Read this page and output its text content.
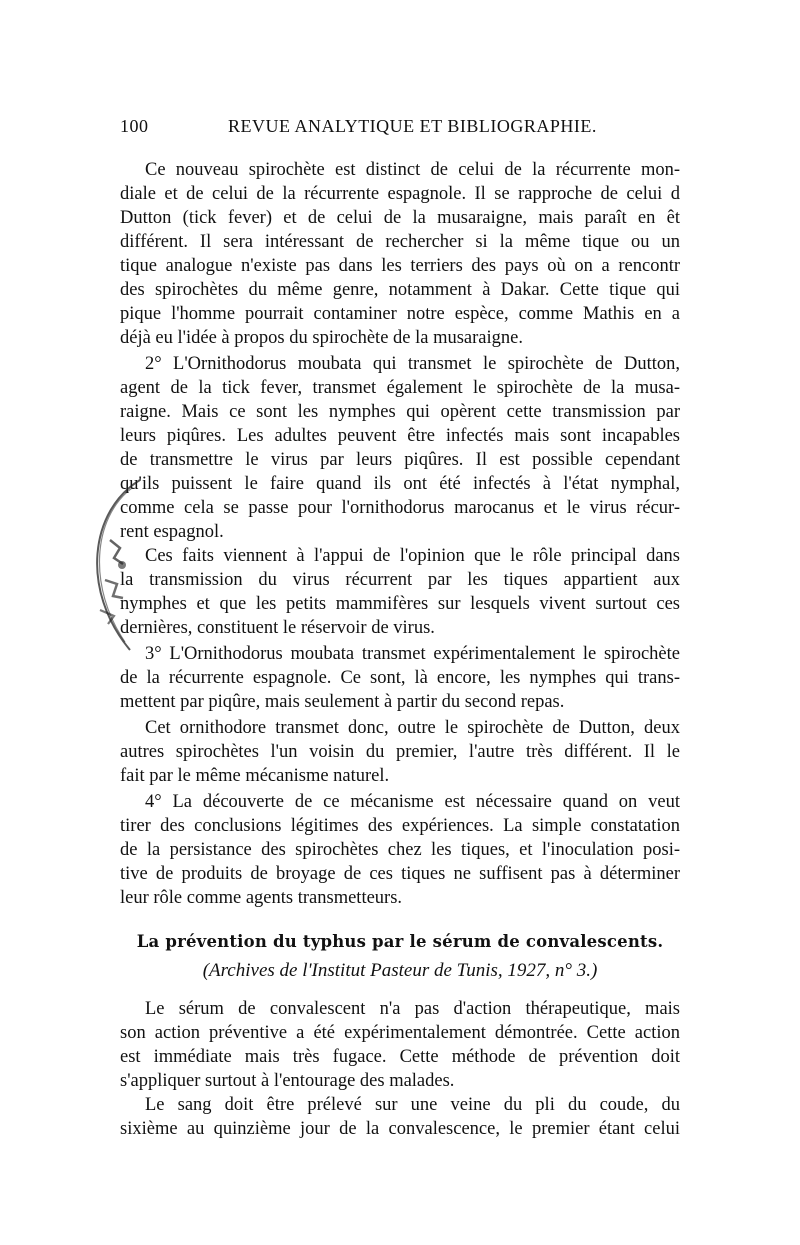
100	REVUE ANALYTIQUE ET BIBLIOGRAPHIE.
Ce nouveau spirochète est distinct de celui de la récurrente mon-
diale et de celui de la récurrente espagnole. Il se rapproche de celui d
Dutton (tick fever) et de celui de la musaraigne, mais paraît en êt
différent. Il sera intéressant de rechercher si la même tique ou un
tique analogue n'existe pas dans les terriers des pays où on a rencontr
des spirochètes du même genre, notamment à Dakar. Cette tique qui
pique l'homme pourrait contaminer notre espèce, comme Mathis en a
déjà eu l'idée à propos du spirochète de la musaraigne.
2° L'Ornithodorus moubata qui transmet le spirochète de Dutton,
agent de la tick fever, transmet également le spirochète de la musa-
raigne. Mais ce sont les nymphes qui opèrent cette transmission par
leurs piqûres. Les adultes peuvent être infectés mais sont incapables
de transmettre le virus par leurs piqûres. Il est possible cependant
qu'ils puissent le faire quand ils ont été infectés à l'état nymphal,
comme cela se passe pour l'ornithodorus marocanus et le virus récur-
rent espagnol.
Ces faits viennent à l'appui de l'opinion que le rôle principal dans
la transmission du virus récurrent par les tiques appartient aux
nymphes et que les petits mammifères sur lesquels vivent surtout ces
dernières, constituent le réservoir de virus.
3° L'Ornithodorus moubata transmet expérimentalement le spirochète
de la récurrente espagnole. Ce sont, là encore, les nymphes qui trans-
mettent par piqûre, mais seulement à partir du second repas.
Cet ornithodore transmet donc, outre le spirochète de Dutton, deux
autres spirochètes l'un voisin du premier, l'autre très différent. Il le
fait par le même mécanisme naturel.
4° La découverte de ce mécanisme est nécessaire quand on veut
tirer des conclusions légitimes des expériences. La simple constatation
de la persistance des spirochètes chez les tiques, et l'inoculation posi-
tive de produits de broyage de ces tiques ne suffisent pas à déterminer
leur rôle comme agents transmetteurs.
La prévention du typhus par le sérum de convalescents.
(Archives de l'Institut Pasteur de Tunis, 1927, n° 3.)
Le sérum de convalescent n'a pas d'action thérapeutique, mais
son action préventive a été expérimentalement démontrée. Cette action
est immédiate mais très fugace. Cette méthode de prévention doit
s'appliquer surtout à l'entourage des malades.
Le sang doit être prélevé sur une veine du pli du coude, du
sixième au quinzième jour de la convalescence, le premier étant celui
